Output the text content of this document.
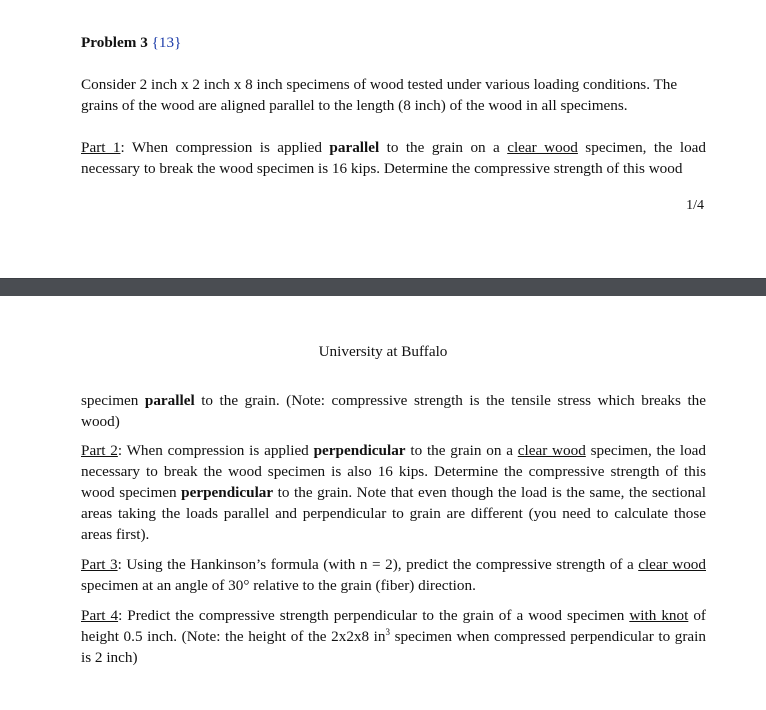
Problem 3 {13}

Consider 2 inch x 2 inch x 8 inch specimens of wood tested under various loading conditions. The grains of the wood are aligned parallel to the length (8 inch) of the wood in all specimens.

Part 1: When compression is applied parallel to the grain on a clear wood specimen, the load necessary to break the wood specimen is 16 kips. Determine the compressive strength of this wood

1/4

University at Buffalo

specimen parallel to the grain. (Note: compressive strength is the tensile stress which breaks the wood)

Part 2: When compression is applied perpendicular to the grain on a clear wood specimen, the load necessary to break the wood specimen is also 16 kips. Determine the compressive strength of this wood specimen perpendicular to the grain. Note that even though the load is the same, the sectional areas taking the loads parallel and perpendicular to grain are different (you need to calculate those areas first).

Part 3: Using the Hankinson’s formula (with n = 2), predict the compressive strength of a clear wood specimen at an angle of 30° relative to the grain (fiber) direction.

Part 4: Predict the compressive strength perpendicular to the grain of a wood specimen with knot of height 0.5 inch. (Note: the height of the 2x2x8 $in^3$ specimen when compressed perpendicular to grain is 2 inch)
